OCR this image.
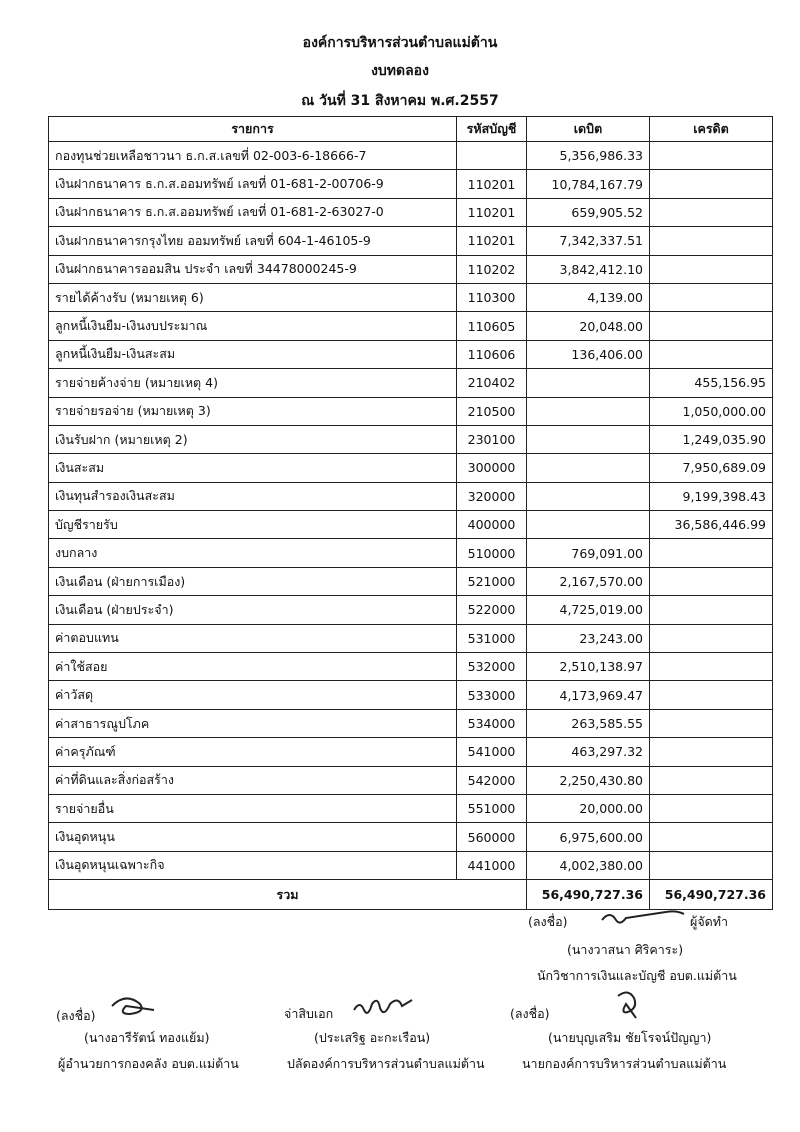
องค์การบริหารส่วนตำบลแม่ต้าน
งบทดลอง
ณ วันที่ 31 สิงหาคม พ.ศ.2557
รายการ	รหัสบัญชี	เดบิต	เครดิต
กองทุนช่วยเหลือชาวนา ธ.ก.ส.เลขที่ 02-003-6-18666-7		5,356,986.33	
เงินฝากธนาคาร ธ.ก.ส.ออมทรัพย์ เลขที่ 01-681-2-00706-9	110201	10,784,167.79	
เงินฝากธนาคาร ธ.ก.ส.ออมทรัพย์ เลขที่ 01-681-2-63027-0	110201	659,905.52	
เงินฝากธนาคารกรุงไทย ออมทรัพย์ เลขที่ 604-1-46105-9	110201	7,342,337.51	
เงินฝากธนาคารออมสิน ประจำ เลขที่ 34478000245-9	110202	3,842,412.10	
รายได้ค้างรับ (หมายเหตุ 6)	110300	4,139.00	
ลูกหนี้เงินยืม-เงินงบประมาณ	110605	20,048.00	
ลูกหนี้เงินยืม-เงินสะสม	110606	136,406.00	
รายจ่ายค้างจ่าย (หมายเหตุ 4)	210402		455,156.95
รายจ่ายรอจ่าย (หมายเหตุ 3)	210500		1,050,000.00
เงินรับฝาก (หมายเหตุ 2)	230100		1,249,035.90
เงินสะสม	300000		7,950,689.09
เงินทุนสำรองเงินสะสม	320000		9,199,398.43
บัญชีรายรับ	400000		36,586,446.99
งบกลาง	510000	769,091.00	
เงินเดือน (ฝ่ายการเมือง)	521000	2,167,570.00	
เงินเดือน (ฝ่ายประจำ)	522000	4,725,019.00	
ค่าตอบแทน	531000	23,243.00	
ค่าใช้สอย	532000	2,510,138.97	
ค่าวัสดุ	533000	4,173,969.47	
ค่าสาธารณูปโภค	534000	263,585.55	
ค่าครุภัณฑ์	541000	463,297.32	
ค่าที่ดินและสิ่งก่อสร้าง	542000	2,250,430.80	
รายจ่ายอื่น	551000	20,000.00	
เงินอุดหนุน	560000	6,975,600.00	
เงินอุดหนุนเฉพาะกิจ	441000	4,002,380.00	
รวม		56,490,727.36	56,490,727.36
(ลงชื่อ)	ผู้จัดทำ
(นางวาสนา ศิริคาระ)
นักวิชาการเงินและบัญชี อบต.แม่ต้าน
(ลงชื่อ)
(นางอารีรัตน์ ทองแย้ม)
ผู้อำนวยการกองคลัง อบต.แม่ต้าน
จ่าสิบเอก
(ประเสริฐ อะกะเรือน)
ปลัดองค์การบริหารส่วนตำบลแม่ต้าน
(ลงชื่อ)
(นายบุญเสริม ชัยโรจน์ปัญญา)
นายกองค์การบริหารส่วนตำบลแม่ต้าน
